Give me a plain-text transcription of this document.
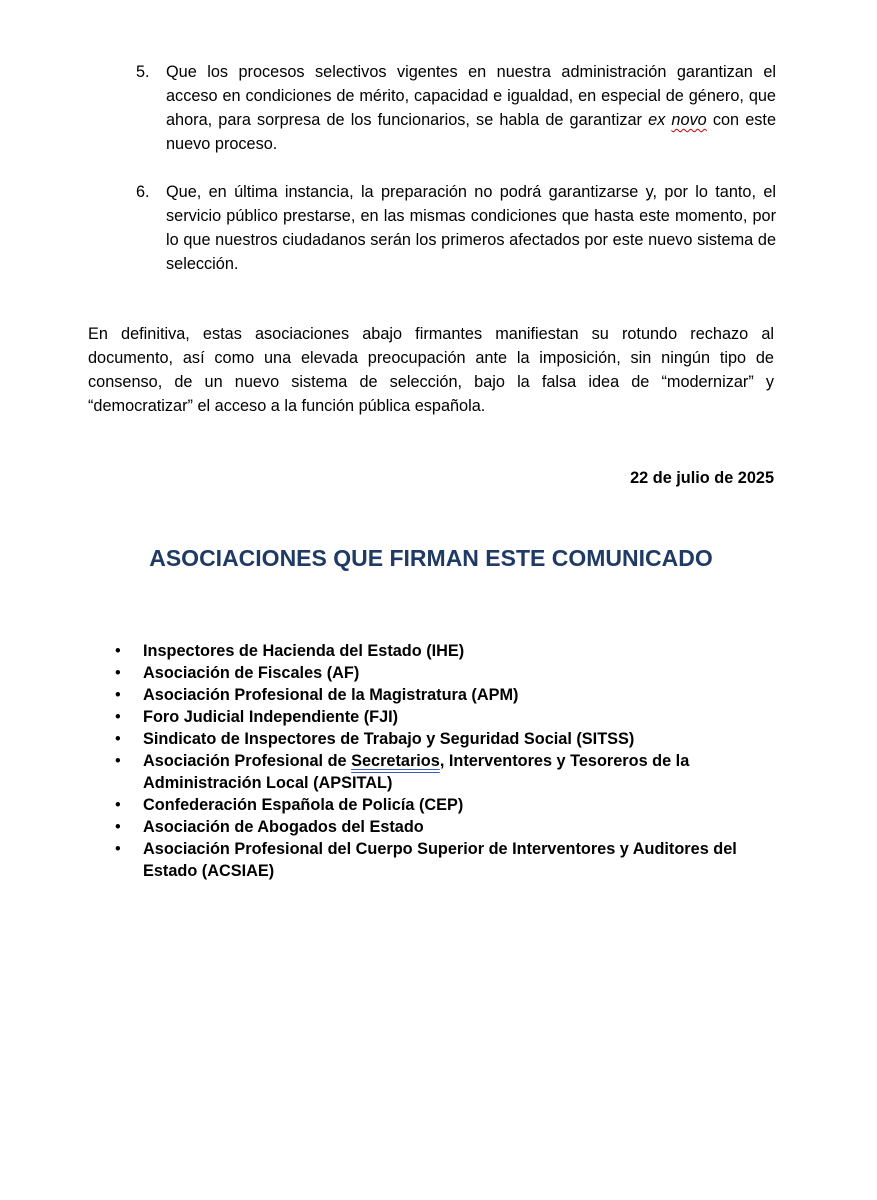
5.	Que los procesos selectivos vigentes en nuestra administración garantizan el acceso en condiciones de mérito, capacidad e igualdad, en especial de género, que ahora, para sorpresa de los funcionarios, se habla de garantizar ex novo con este nuevo proceso.
6.	Que, en última instancia, la preparación no podrá garantizarse y, por lo tanto, el servicio público prestarse, en las mismas condiciones que hasta este momento, por lo que nuestros ciudadanos serán los primeros afectados por este nuevo sistema de selección.

En definitiva, estas asociaciones abajo firmantes manifiestan su rotundo rechazo al documento, así como una elevada preocupación ante la imposición, sin ningún tipo de consenso, de un nuevo sistema de selección, bajo la falsa idea de “modernizar” y “democratizar” el acceso a la función pública española.

22 de julio de 2025

ASOCIACIONES QUE FIRMAN ESTE COMUNICADO
• Inspectores de Hacienda del Estado (IHE)
• Asociación de Fiscales (AF)
• Asociación Profesional de la Magistratura (APM)
• Foro Judicial Independiente (FJI)
• Sindicato de Inspectores de Trabajo y Seguridad Social (SITSS)
• Asociación Profesional de Secretarios, Interventores y Tesoreros de la Administración Local (APSITAL)
• Confederación Española de Policía (CEP)
• Asociación de Abogados del Estado
• Asociación Profesional del Cuerpo Superior de Interventores y Auditores del Estado (ACSIAE)
